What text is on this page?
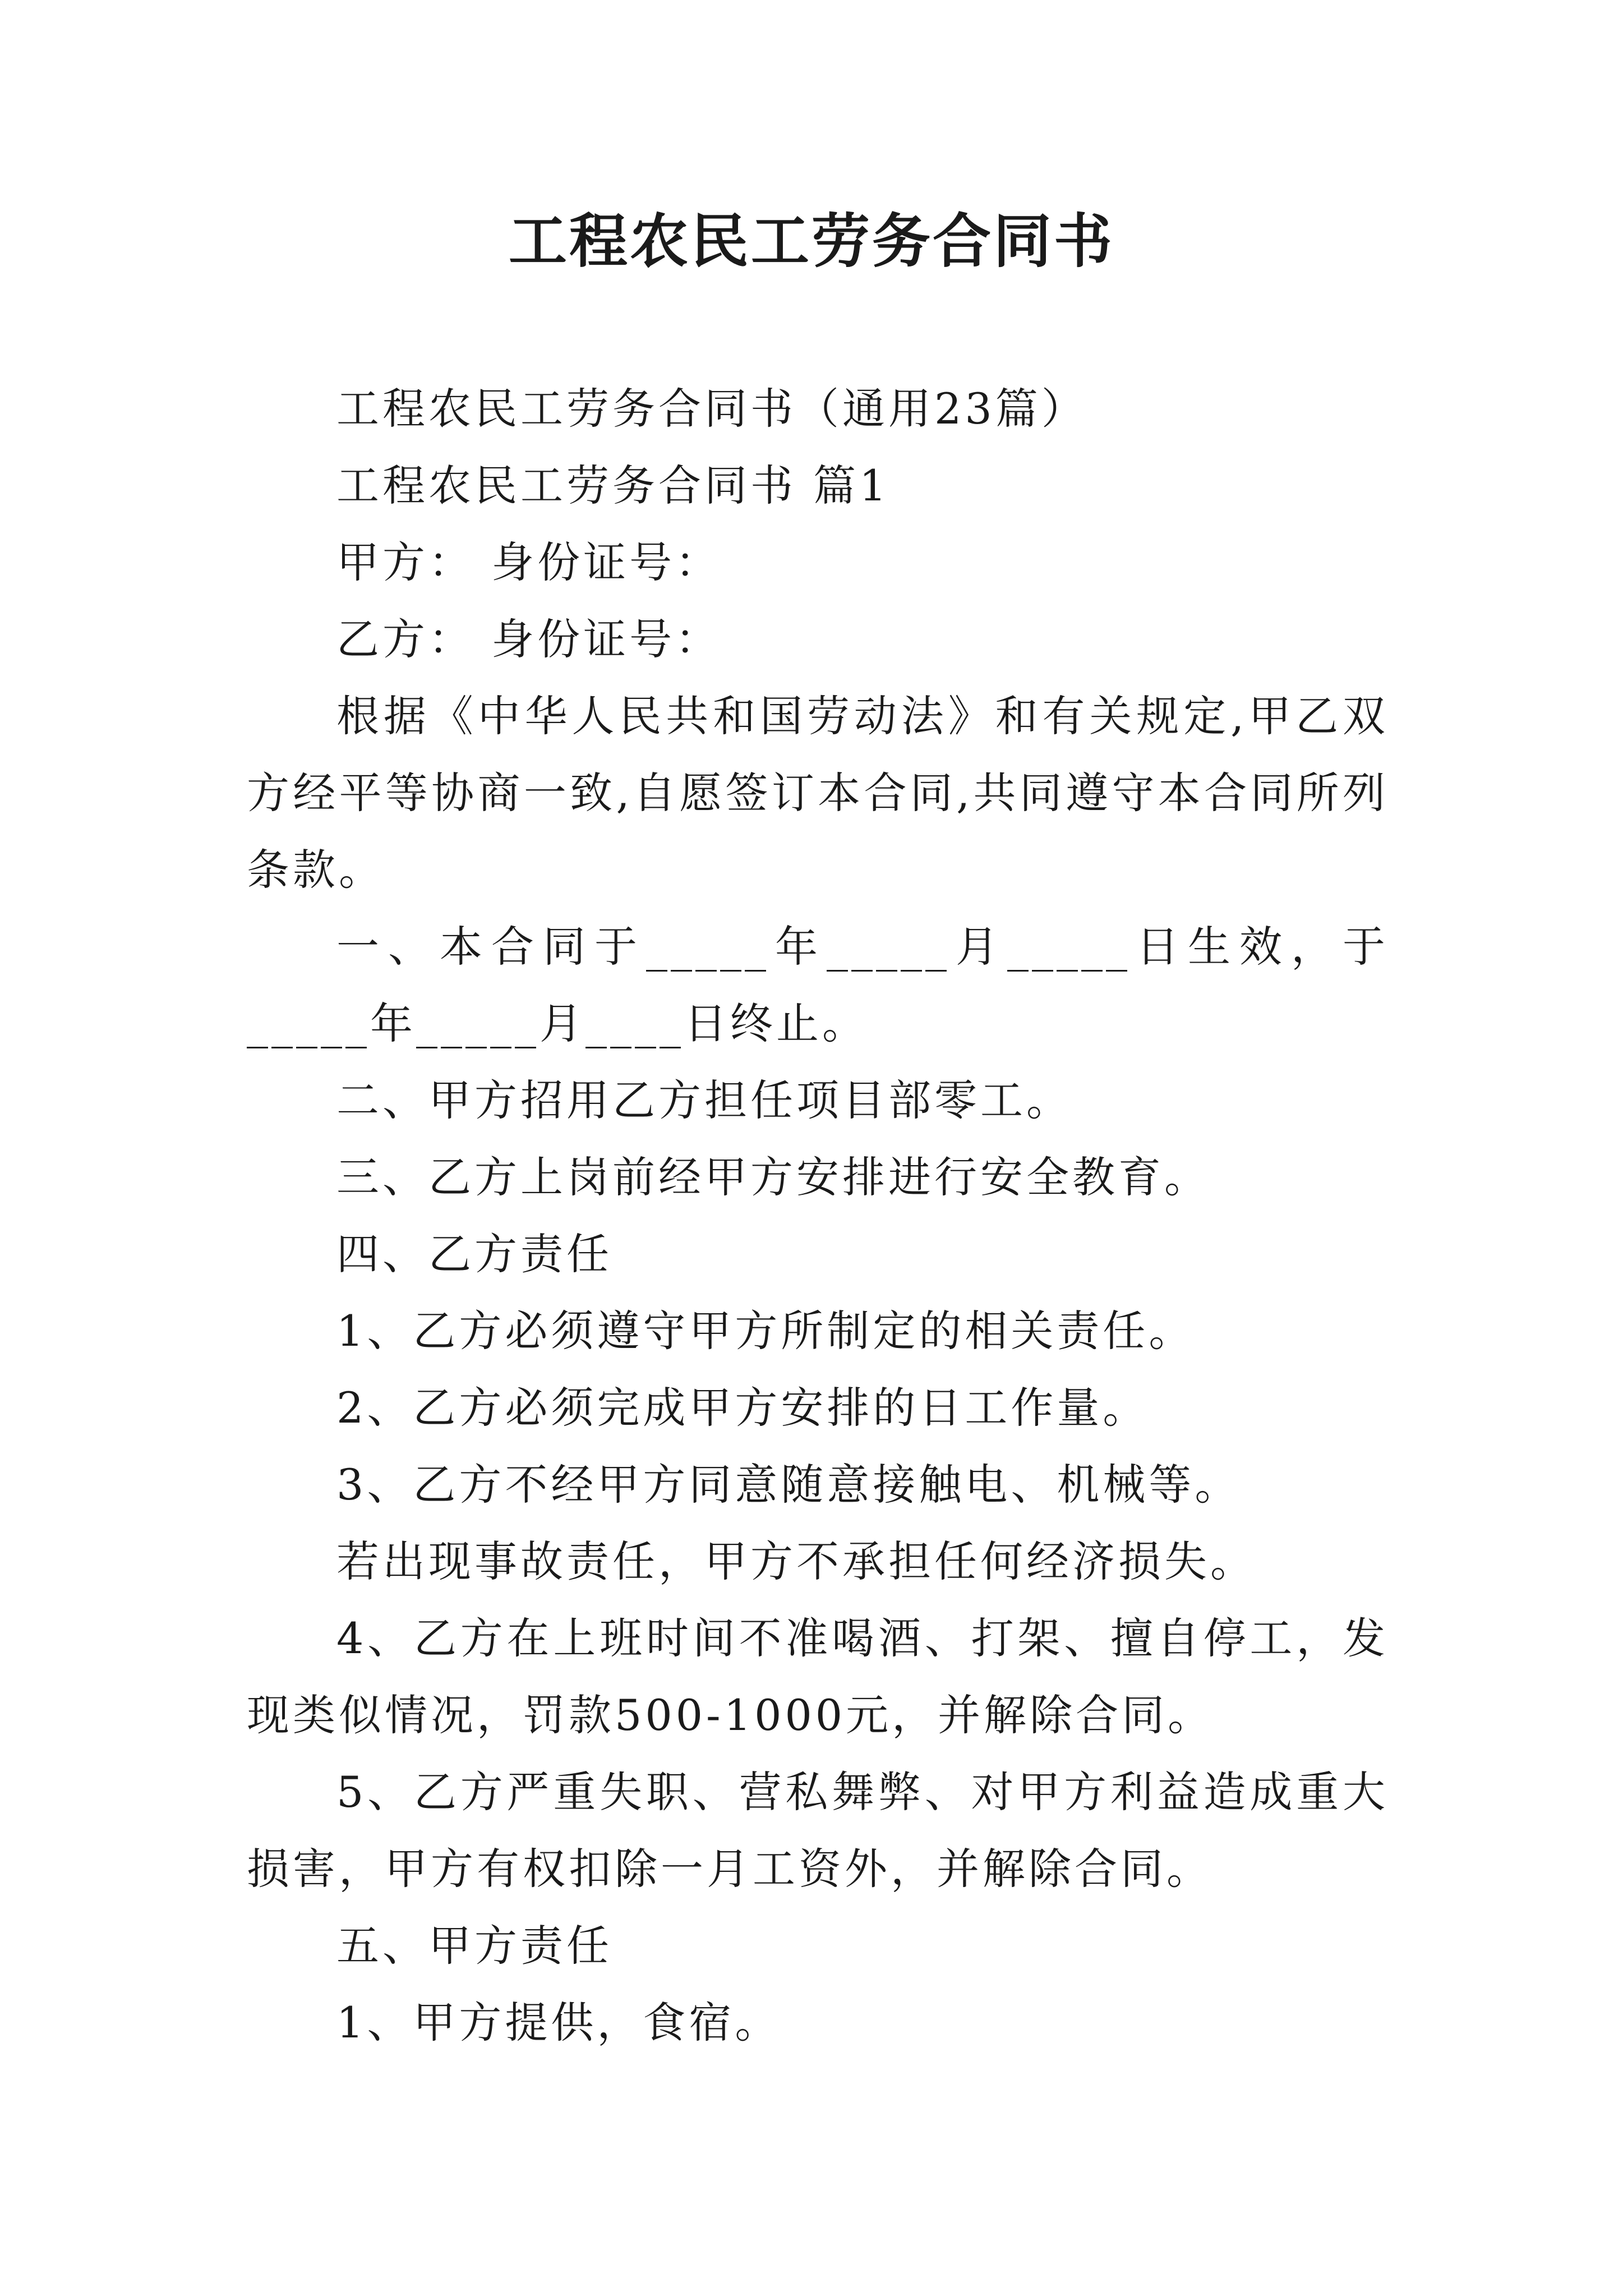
工程农民工劳务合同书

工程农民工劳务合同书（通用23篇）

工程农民工劳务合同书 篇1

甲方： 身份证号：

乙方： 身份证号：

根据《中华人民共和国劳动法》和有关规定,甲乙双方经平等协商一致,自愿签订本合同,共同遵守本合同所列条款。

一、本合同于_____年_____月_____日生效，于_____年_____月____日终止。

二、甲方招用乙方担任项目部零工。

三、乙方上岗前经甲方安排进行安全教育。

四、乙方责任

1、乙方必须遵守甲方所制定的相关责任。

2、乙方必须完成甲方安排的日工作量。

3、乙方不经甲方同意随意接触电、机械等。

若出现事故责任，甲方不承担任何经济损失。

4、乙方在上班时间不准喝酒、打架、擅自停工，发现类似情况，罚款500-1000元，并解除合同。

5、乙方严重失职、营私舞弊、对甲方利益造成重大损害，甲方有权扣除一月工资外，并解除合同。

五、甲方责任

1、甲方提供，食宿。
